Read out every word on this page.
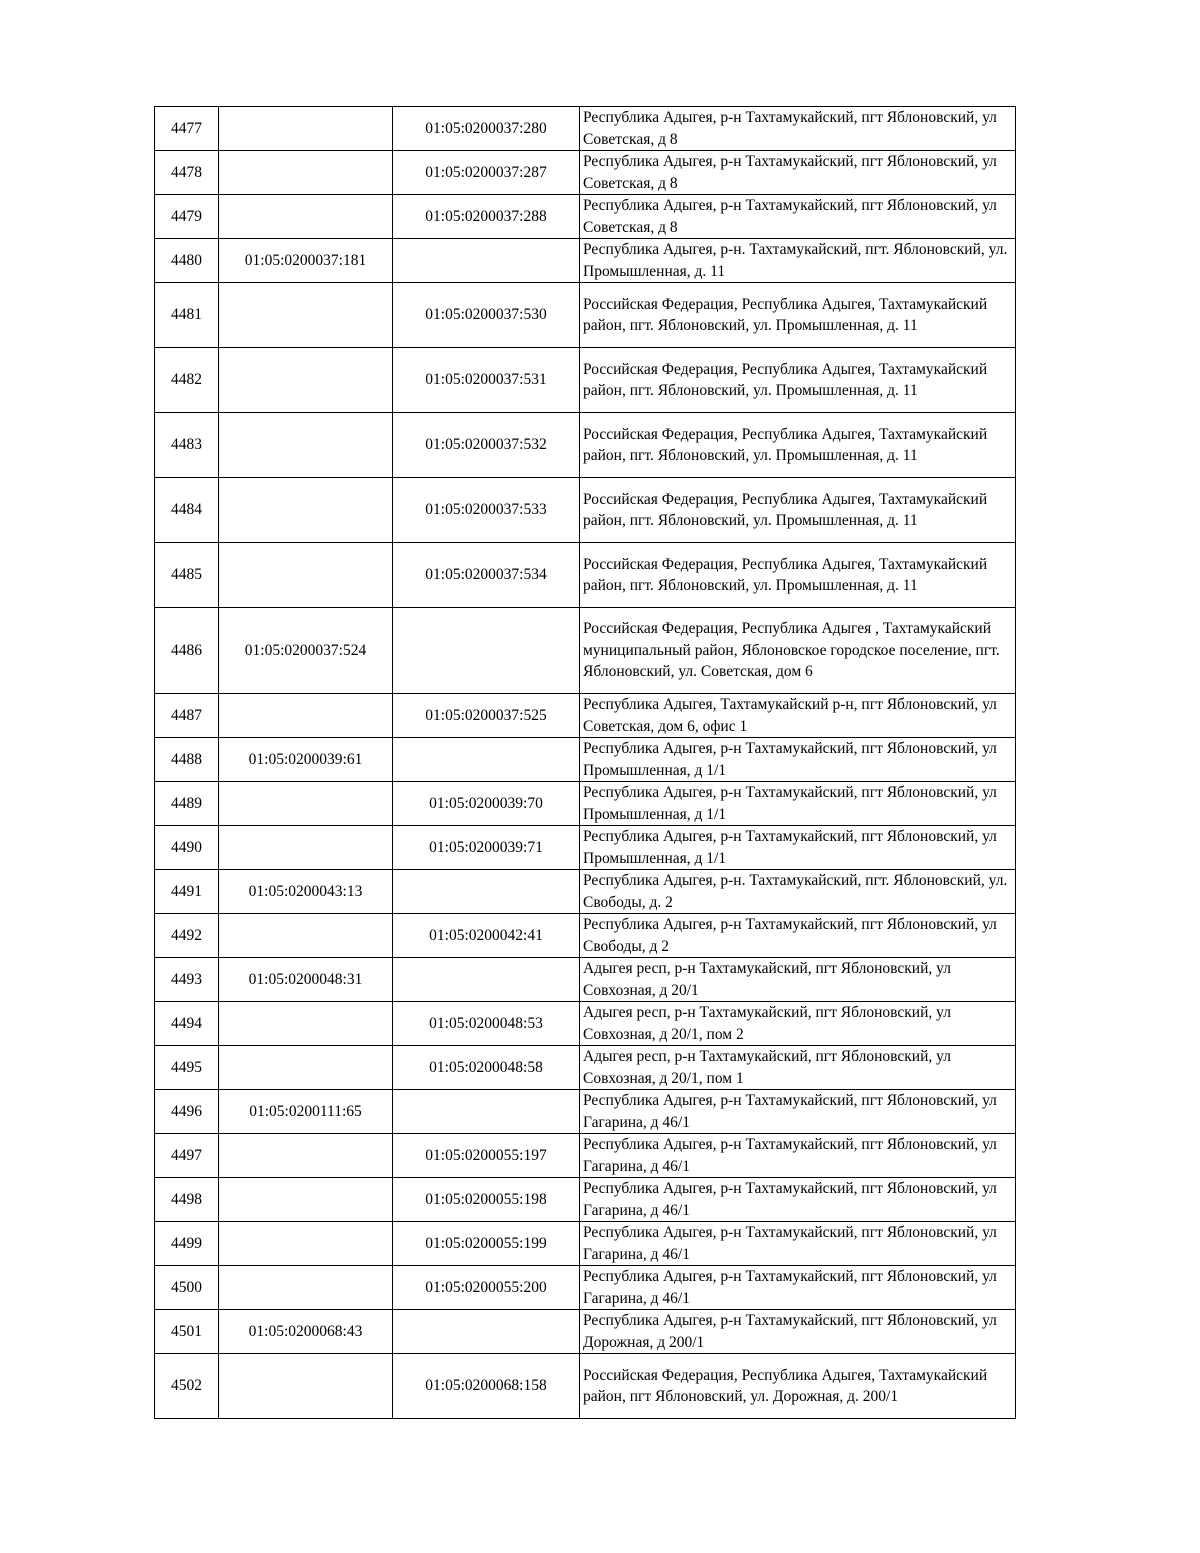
4477		01:05:0200037:280	Республика Адыгея, р-н Тахтамукайский, пгт Яблоновский, ул Советская, д 8
4478		01:05:0200037:287	Республика Адыгея, р-н Тахтамукайский, пгт Яблоновский, ул Советская, д 8
4479		01:05:0200037:288	Республика Адыгея, р-н Тахтамукайский, пгт Яблоновский, ул Советская, д 8
4480	01:05:0200037:181		Республика Адыгея, р-н. Тахтамукайский, пгт. Яблоновский, ул. Промышленная, д. 11
4481		01:05:0200037:530	Российская Федерация, Республика Адыгея, Тахтамукайский район, пгт. Яблоновский, ул. Промышленная, д. 11
4482		01:05:0200037:531	Российская Федерация, Республика Адыгея, Тахтамукайский район, пгт. Яблоновский, ул. Промышленная, д. 11
4483		01:05:0200037:532	Российская Федерация, Республика Адыгея, Тахтамукайский район, пгт. Яблоновский, ул. Промышленная, д. 11
4484		01:05:0200037:533	Российская Федерация, Республика Адыгея, Тахтамукайский район, пгт. Яблоновский, ул. Промышленная, д. 11
4485		01:05:0200037:534	Российская Федерация, Республика Адыгея, Тахтамукайский район, пгт. Яблоновский, ул. Промышленная, д. 11
4486	01:05:0200037:524		Российская Федерация, Республика Адыгея , Тахтамукайский муниципальный район, Яблоновское городское поселение, пгт. Яблоновский, ул. Советская, дом 6
4487		01:05:0200037:525	Республика Адыгея, Тахтамукайский р-н, пгт Яблоновский, ул Советская, дом 6, офис 1
4488	01:05:0200039:61		Республика Адыгея, р-н Тахтамукайский, пгт Яблоновский, ул Промышленная, д 1/1
4489		01:05:0200039:70	Республика Адыгея, р-н Тахтамукайский, пгт Яблоновский, ул Промышленная, д 1/1
4490		01:05:0200039:71	Республика Адыгея, р-н Тахтамукайский, пгт Яблоновский, ул Промышленная, д 1/1
4491	01:05:0200043:13		Республика Адыгея, р-н. Тахтамукайский, пгт. Яблоновский, ул. Свободы, д. 2
4492		01:05:0200042:41	Республика Адыгея, р-н Тахтамукайский, пгт Яблоновский, ул Свободы, д 2
4493	01:05:0200048:31		Адыгея респ, р-н Тахтамукайский, пгт Яблоновский, ул Совхозная, д 20/1
4494		01:05:0200048:53	Адыгея респ, р-н Тахтамукайский, пгт Яблоновский, ул Совхозная, д 20/1, пом 2
4495		01:05:0200048:58	Адыгея респ, р-н Тахтамукайский, пгт Яблоновский, ул Совхозная, д 20/1, пом 1
4496	01:05:0200111:65		Республика Адыгея, р-н Тахтамукайский, пгт Яблоновский, ул Гагарина, д 46/1
4497		01:05:0200055:197	Республика Адыгея, р-н Тахтамукайский, пгт Яблоновский, ул Гагарина, д 46/1
4498		01:05:0200055:198	Республика Адыгея, р-н Тахтамукайский, пгт Яблоновский, ул Гагарина, д 46/1
4499		01:05:0200055:199	Республика Адыгея, р-н Тахтамукайский, пгт Яблоновский, ул Гагарина, д 46/1
4500		01:05:0200055:200	Республика Адыгея, р-н Тахтамукайский, пгт Яблоновский, ул Гагарина, д 46/1
4501	01:05:0200068:43		Республика Адыгея, р-н Тахтамукайский, пгт Яблоновский, ул Дорожная, д 200/1
4502		01:05:0200068:158	Российская Федерация, Республика Адыгея, Тахтамукайский район, пгт Яблоновский, ул. Дорожная, д. 200/1
